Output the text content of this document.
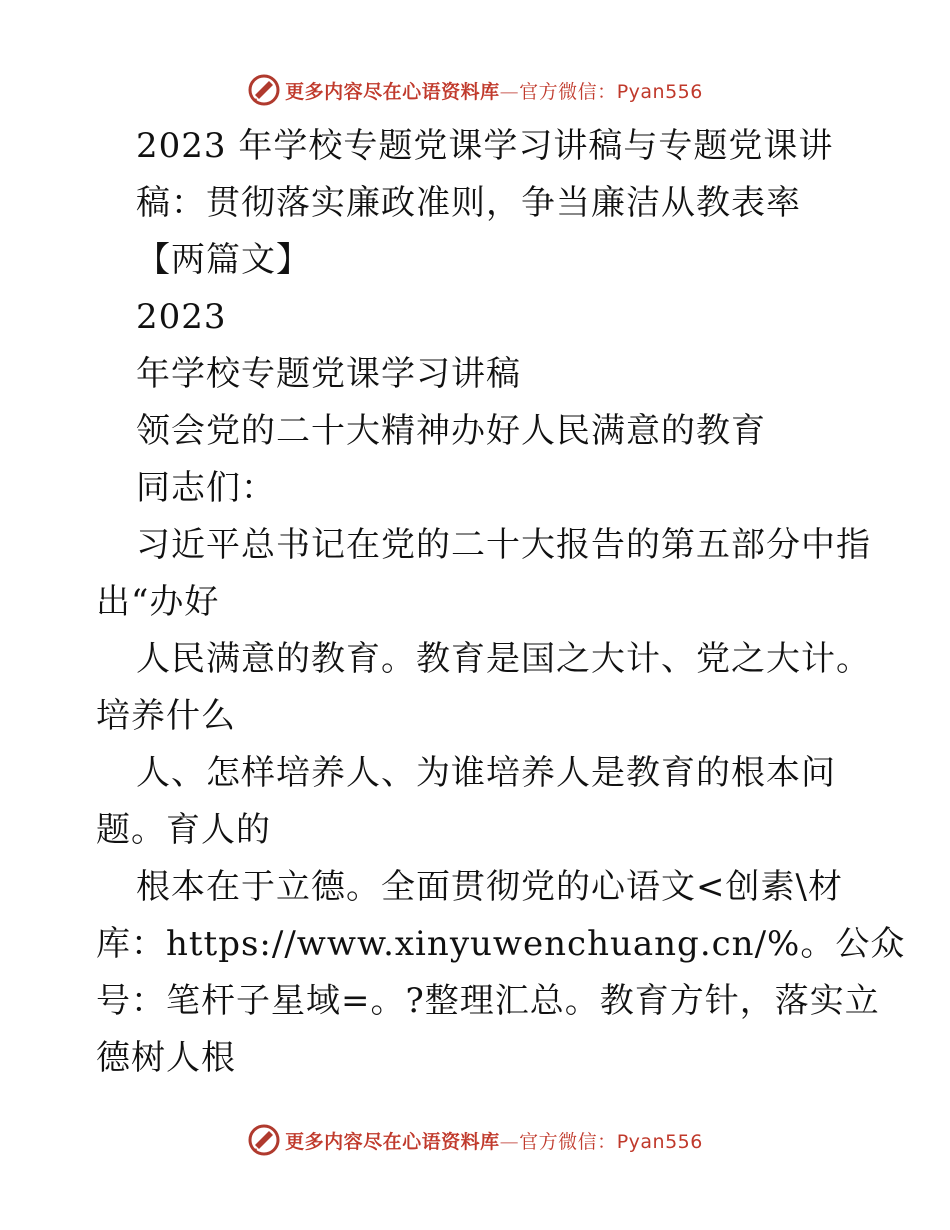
更多内容尽在心语资料库—官方微信：Pyan556
2023 年学校专题党课学习讲稿与专题党课讲
稿：贯彻落实廉政准则，争当廉洁从教表率
【两篇文】
2023
年学校专题党课学习讲稿
领会党的二十大精神办好人民满意的教育
同志们：
习近平总书记在党的二十大报告的第五部分中指
出“办好
人民满意的教育。教育是国之大计、党之大计。
培养什么
人、怎样培养人、为谁培养人是教育的根本问
题。育人的
根本在于立德。全面贯彻党的心语文<创素\材
库：https://www.xinyuwenchuang.cn/%。公众
号：笔杆子星域=。?整理汇总。教育方针，落实立
德树人根
更多内容尽在心语资料库—官方微信：Pyan556
